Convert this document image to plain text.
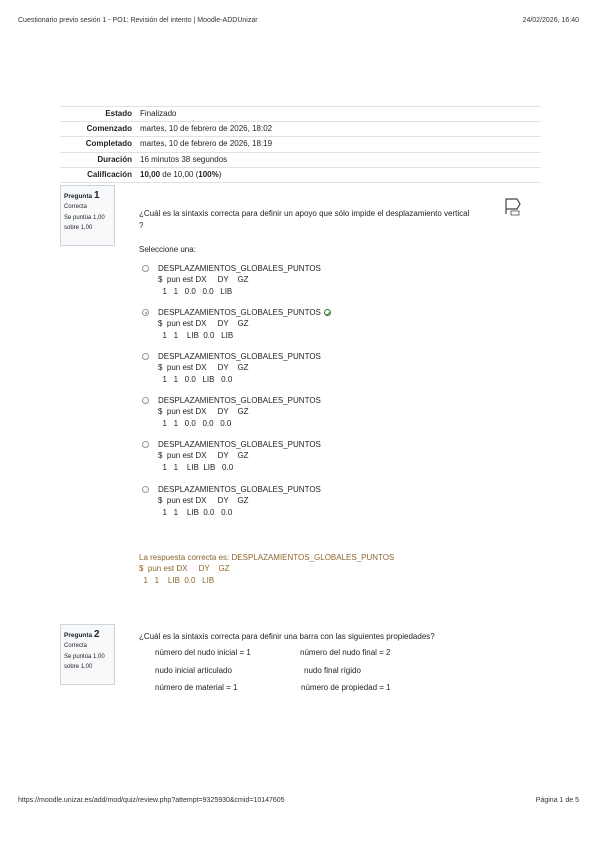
Cuestionario previo sesión 1 - PO1: Revisión del intento | Moodle-ADDUnizar	24/02/2026, 16:40
Estado	Finalizado
Comenzado	martes, 10 de febrero de 2026, 18:02
Completado	martes, 10 de febrero de 2026, 18:19
Duración	16 minutos 38 segundos
Calificación	10,00 de 10,00 (100%)
Pregunta 1
Correcta
Se puntúa 1,00
sobre 1,00
¿Cuál es la sintaxis correcta para definir un apoyo que sólo impide el desplazamiento vertical
?
Seleccione una:
DESPLAZAMIENTOS_GLOBALES_PUNTOS
$  pun est DX     DY    GZ
1   1   0.0   0.0   LIB
DESPLAZAMIENTOS_GLOBALES_PUNTOS
$  pun est DX     DY    GZ
1   1    LIB  0.0   LIB
DESPLAZAMIENTOS_GLOBALES_PUNTOS
$  pun est DX     DY    GZ
1   1   0.0   LIB   0.0
DESPLAZAMIENTOS_GLOBALES_PUNTOS
$  pun est DX     DY    GZ
1   1   0.0   0.0   0.0
DESPLAZAMIENTOS_GLOBALES_PUNTOS
$  pun est DX     DY    GZ
1   1    LIB  LIB   0.0
DESPLAZAMIENTOS_GLOBALES_PUNTOS
$  pun est DX     DY    GZ
1   1    LIB  0.0   0.0
La respuesta correcta es: DESPLAZAMIENTOS_GLOBALES_PUNTOS
$  pun est DX     DY    GZ
1   1    LIB  0.0   LIB
Pregunta 2
Correcta
Se puntúa 1,00
sobre 1,00
¿Cuál es la sintaxis correcta para definir una barra con las siguientes propiedades?
número del nudo inicial = 1	número del nudo final = 2
nudo inicial articulado	nudo final rígido
número de material = 1	número de propiedad = 1
https://moodle.unizar.es/add/mod/quiz/review.php?attempt=9325930&cmid=10147605	Página 1 de 5
